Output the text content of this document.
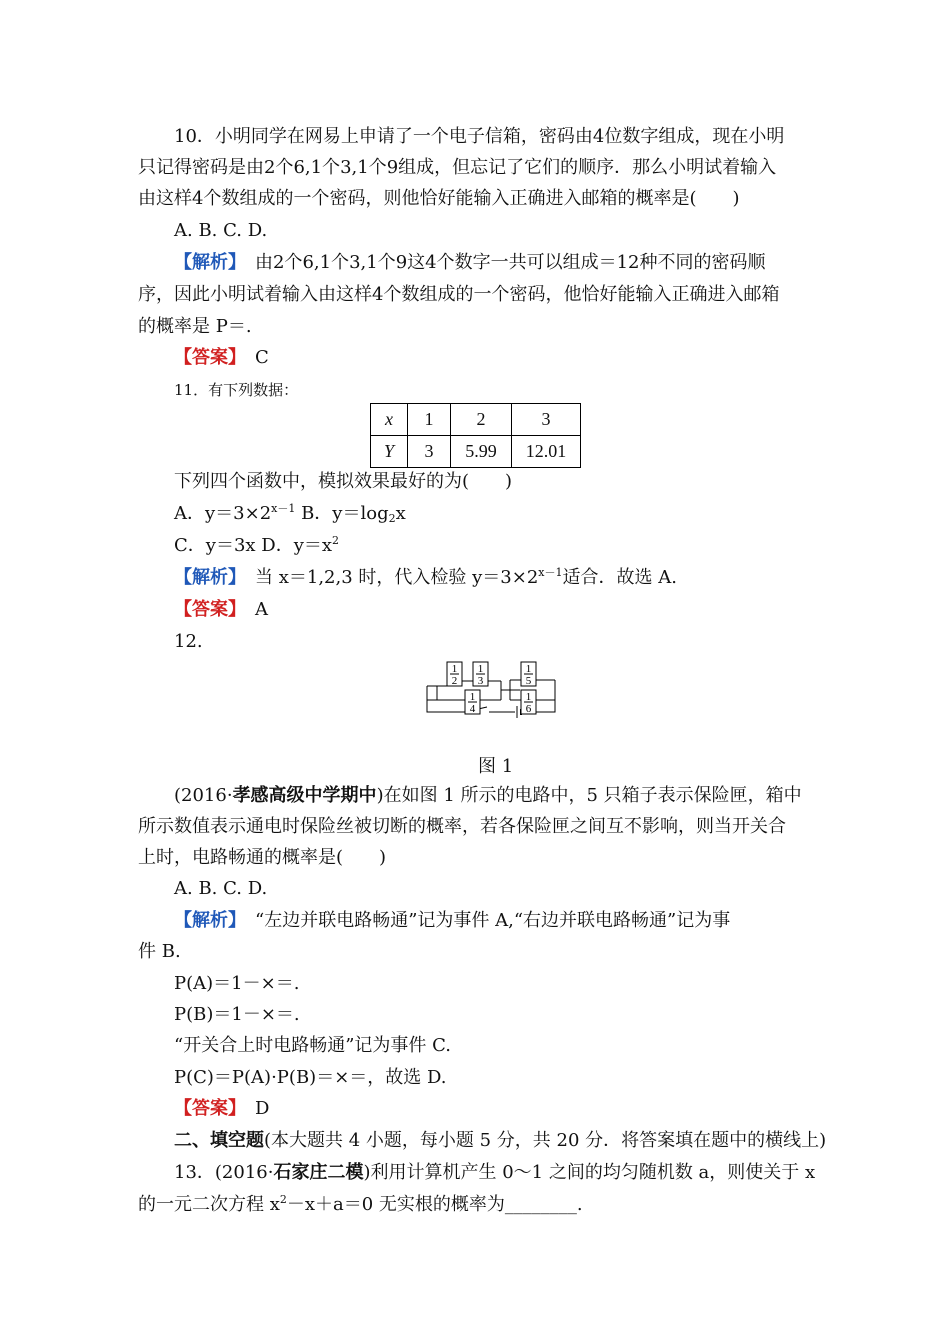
10．小明同学在网易上申请了一个电子信箱，密码由4位数字组成，现在小明
只记得密码是由2个6,1个3,1个9组成，但忘记了它们的顺序．那么小明试着输入
由这样4个数组成的一个密码，则他恰好能输入正确进入邮箱的概率是(　　)
A. B. C. D.
【解析】　 由2个6,1个3,1个9这4个数字一共可以组成＝12种不同的密码顺
序，因此小明试着输入由这样4个数组成的一个密码，他恰好能输入正确进入邮箱
的概率是 P＝.
【答案】　 C
11．有下列数据：
x	1	2	3
Y	3	5.99	12.01
下列四个函数中，模拟效果最好的为(　　)
A．$y=3\times 2^{x-1}$ B．$y=\log_2x$
C．y＝3x D．$y=x^2$
【解析】　 当 x＝1,2,3 时，代入检验 $y=3\times 2^{x-1}$适合．故选 A.
【答案】　 A
12.
1
2
1
3
1
4
1
5
1
6
图 1
(2016·孝感高级中学期中)在如图 1 所示的电路中，5 只箱子表示保险匣，箱中
所示数值表示通电时保险丝被切断的概率，若各保险匣之间互不影响，则当开关合
上时，电路畅通的概率是(　　)
A. B. C. D.
【解析】　 “左边并联电路畅通”记为事件 A,“右边并联电路畅通”记为事
件 B.
P(A)＝1－×＝.
P(B)＝1－×＝.
“开关合上时电路畅通”记为事件 C.
P(C)＝P(A)·P(B)＝×＝，故选 D.
【答案】　 D
二、填空题(本大题共 4 小题，每小题 5 分，共 20 分．将答案填在题中的横线上)
13．(2016·石家庄二模)利用计算机产生 0～1 之间的均匀随机数 a，则使关于 x
的一元二次方程 $x^2-x+a=0$ 无实根的概率为________.
